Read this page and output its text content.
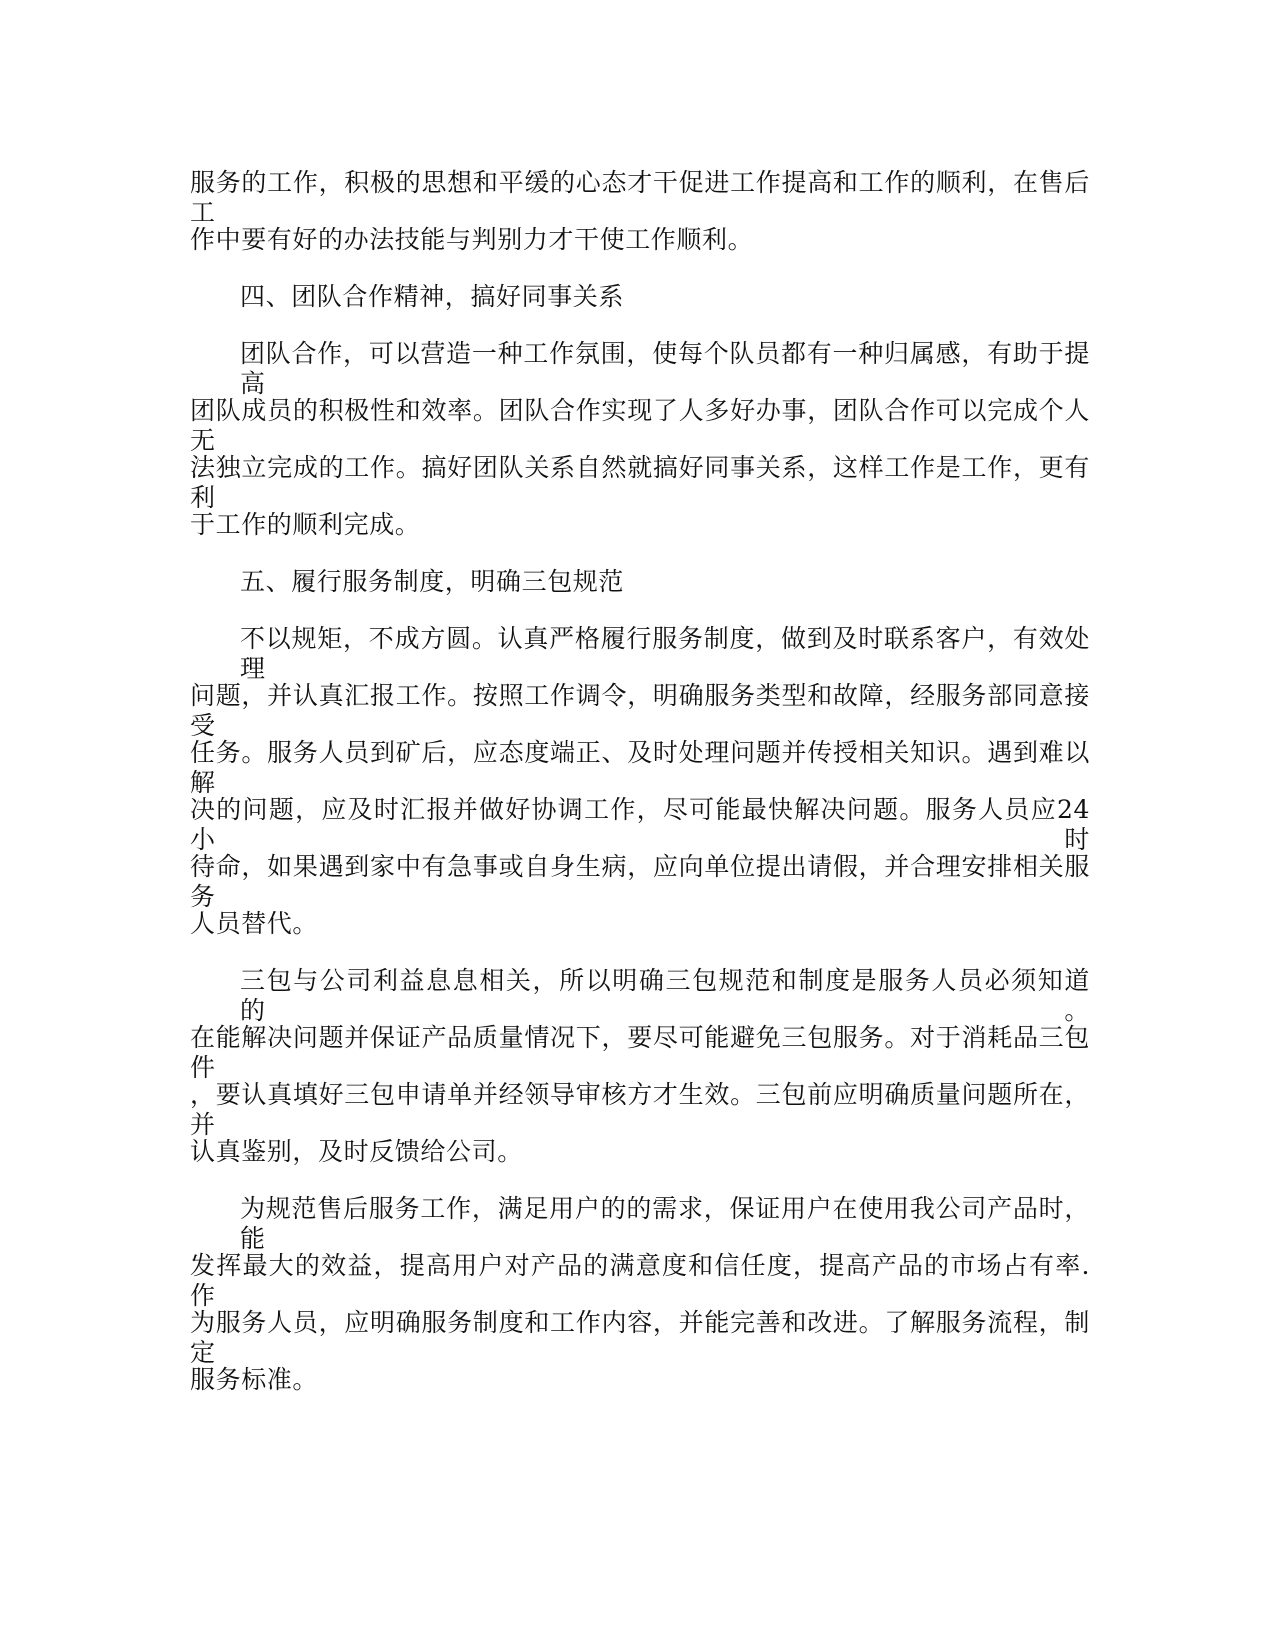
服务的工作，积极的思想和平缓的心态才干促进工作提高和工作的顺利，在售后工
作中要有好的办法技能与判别力才干使工作顺利。
四、团队合作精神，搞好同事关系
团队合作，可以营造一种工作氛围，使每个队员都有一种归属感，有助于提高
团队成员的积极性和效率。团队合作实现了人多好办事，团队合作可以完成个人无
法独立完成的工作。搞好团队关系自然就搞好同事关系，这样工作是工作，更有利
于工作的顺利完成。
五、履行服务制度，明确三包规范
不以规矩，不成方圆。认真严格履行服务制度，做到及时联系客户，有效处理
问题，并认真汇报工作。按照工作调令，明确服务类型和故障，经服务部同意接受
任务。服务人员到矿后，应态度端正、及时处理问题并传授相关知识。遇到难以解
决的问题，应及时汇报并做好协调工作，尽可能最快解决问题。服务人员应24小时
待命，如果遇到家中有急事或自身生病，应向单位提出请假，并合理安排相关服务
人员替代。
三包与公司利益息息相关，所以明确三包规范和制度是服务人员必须知道的。
在能解决问题并保证产品质量情况下，要尽可能避免三包服务。对于消耗品三包件
，要认真填好三包申请单并经领导审核方才生效。三包前应明确质量问题所在，并
认真鉴别，及时反馈给公司。
为规范售后服务工作，满足用户的的需求，保证用户在使用我公司产品时，能
发挥最大的效益，提高用户对产品的满意度和信任度，提高产品的市场占有率.作
为服务人员，应明确服务制度和工作内容，并能完善和改进。了解服务流程，制定
服务标准。
